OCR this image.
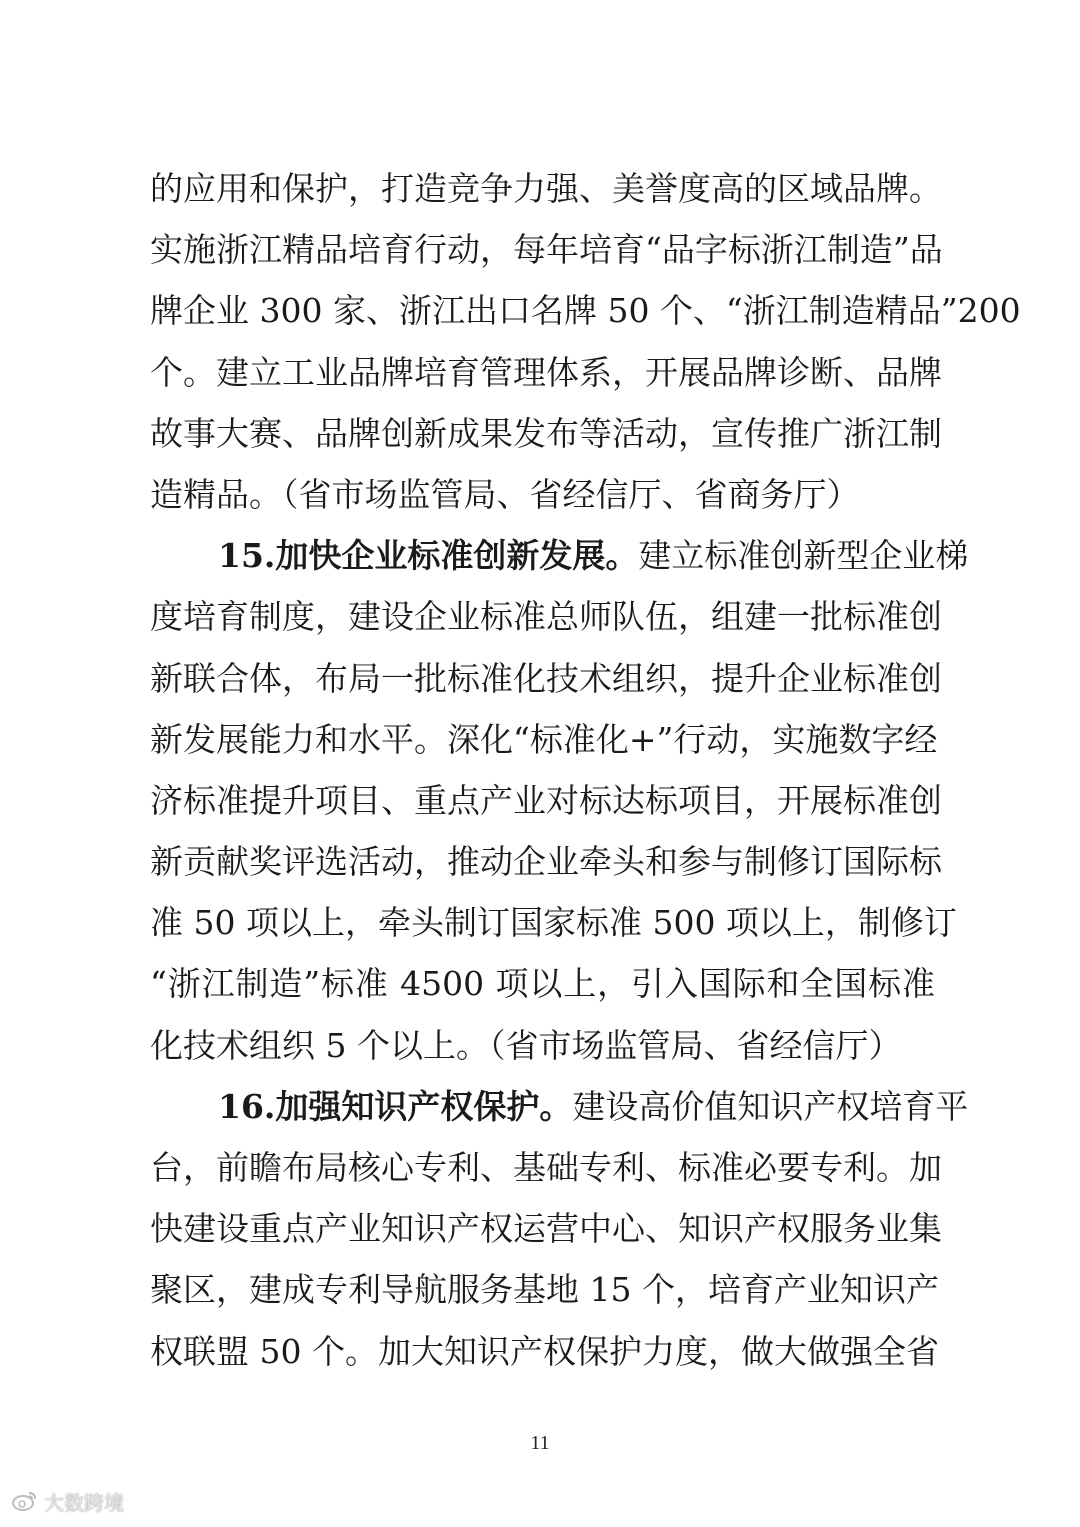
的应用和保护，打造竞争力强、美誉度高的区域品牌。
实施浙江精品培育行动，每年培育“品字标浙江制造”品
牌企业 300 家、浙江出口名牌 50 个、“浙江制造精品”200
个。建立工业品牌培育管理体系，开展品牌诊断、品牌
故事大赛、品牌创新成果发布等活动，宣传推广浙江制
造精品。（省市场监管局、省经信厅、省商务厅）
15.加快企业标准创新发展。建立标准创新型企业梯
度培育制度，建设企业标准总师队伍，组建一批标准创
新联合体，布局一批标准化技术组织，提升企业标准创
新发展能力和水平。深化“标准化+”行动，实施数字经
济标准提升项目、重点产业对标达标项目，开展标准创
新贡献奖评选活动，推动企业牵头和参与制修订国际标
准 50 项以上，牵头制订国家标准 500 项以上，制修订
“浙江制造”标准 4500 项以上，引入国际和全国标准
化技术组织 5 个以上。（省市场监管局、省经信厅）
16.加强知识产权保护。建设高价值知识产权培育平
台，前瞻布局核心专利、基础专利、标准必要专利。加
快建设重点产业知识产权运营中心、知识产权服务业集
聚区，建成专利导航服务基地 15 个，培育产业知识产
权联盟 50 个。加大知识产权保护力度，做大做强全省
11
大数跨境
